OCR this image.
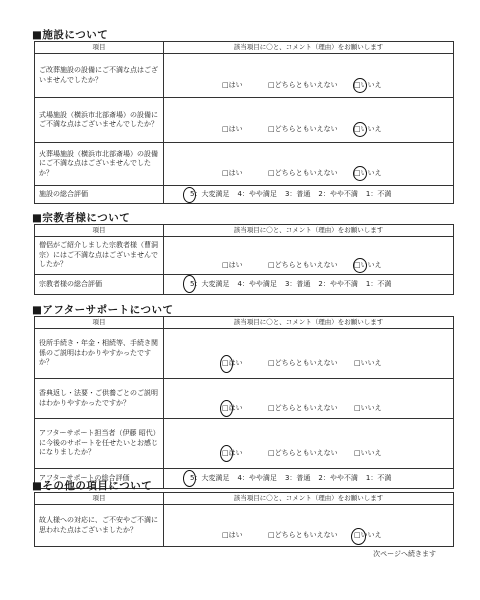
■施設について
項目	該当項目に〇と、コメント（理由）をお願いします
ご改葬施設の設備にご不満な点はございませんでしたか？	□はい □どちらともいえない □いいえ

式場施設（横浜市北部斎場）の設備にご不満な点はございませんでしたか？	□はい □どちらともいえない □いいえ

火葬場施設（横浜市北部斎場）の設備にご不満な点はございませんでしたか？	□はい □どちらともいえない □いいえ

施設の総合評価	5：大変満足 4：やや満足 3：普通 2：やや不満 1：不満
■宗教者様について
項目	該当項目に〇と、コメント（理由）をお願いします
僧侶がご紹介しました宗教者様（曹洞宗）にはご不満な点はございませんでしたか？	□はい □どちらともいえない □いいえ

宗教者様の総合評価	5：大変満足 4：やや満足 3：普通 2：やや不満 1：不満
■アフターサポートについて
項目	該当項目に〇と、コメント（理由）をお願いします
役所手続き・年金・相続等、手続き関係のご説明はわかりやすかったですか？	□はい □どちらともいえない □いいえ

香典返し・法要・ご供養ごとのご説明はわかりやすかったですか？	□はい □どちらともいえない □いいえ

アフターサポート担当者（伊藤 昭代）に今後のサポートを任せたいとお感じになりましたか？	□はい □どちらともいえない □いいえ

アフターサポートの総合評価	5：大変満足 4：やや満足 3：普通 2：やや不満 1：不満
■その他の項目について
項目	該当項目に〇と、コメント（理由）をお願いします
故人様への対応に、ご不安やご不満に思われた点はございましたか？	□はい □どちらともいえない □いいえ
次ページへ続きます
